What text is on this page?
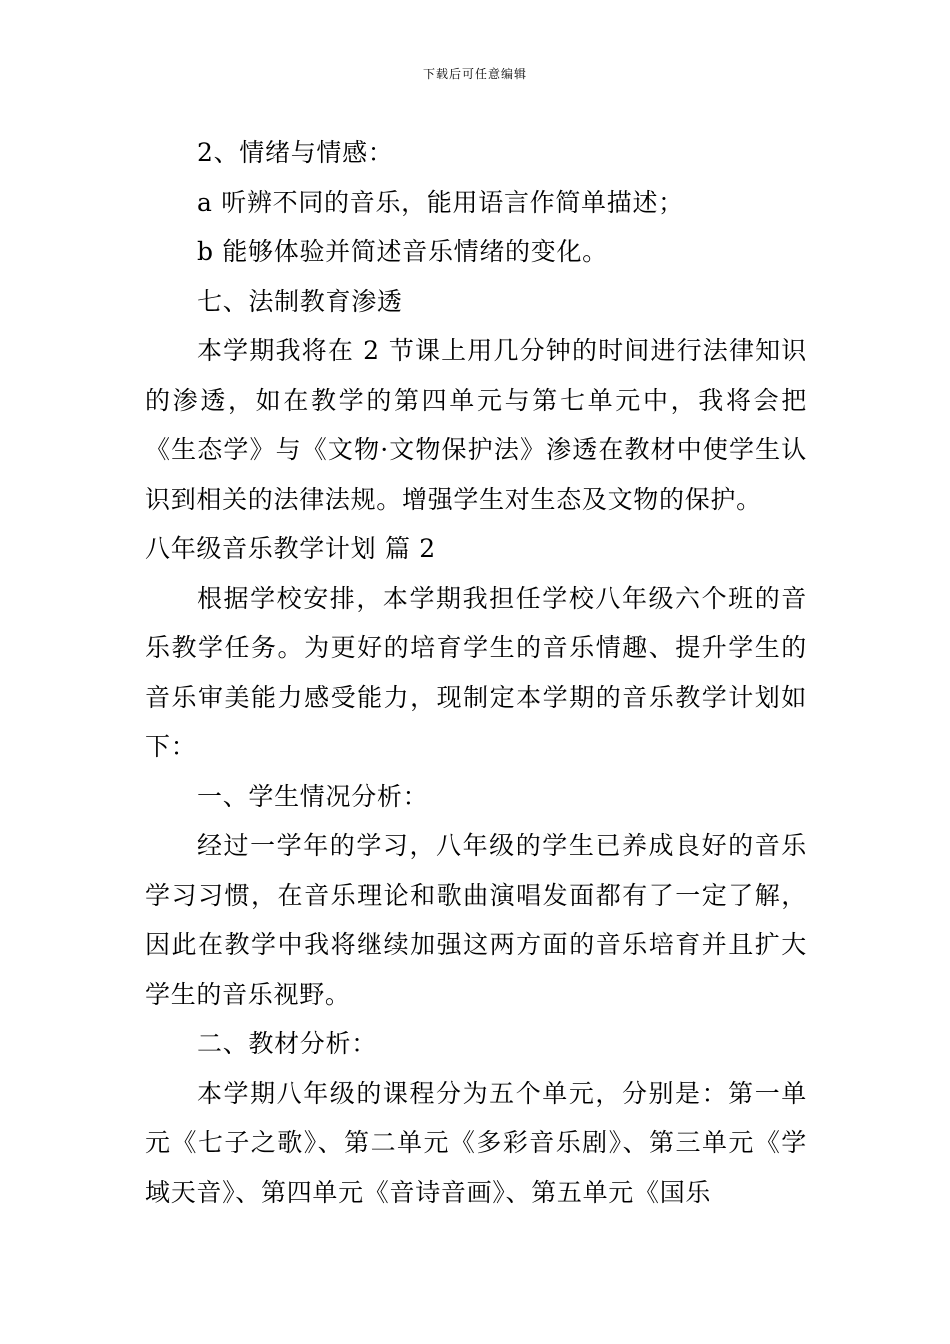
下载后可任意编辑

2、情绪与情感：

a 听辨不同的音乐，能用语言作简单描述；

b 能够体验并简述音乐情绪的变化。

七、法制教育渗透

本学期我将在 2 节课上用几分钟的时间进行法律知识的渗透，如在教学的第四单元与第七单元中，我将会把《生态学》与《文物·文物保护法》渗透在教材中使学生认识到相关的法律法规。增强学生对生态及文物的保护。

八年级音乐教学计划 篇 2

根据学校安排，本学期我担任学校八年级六个班的音乐教学任务。为更好的培育学生的音乐情趣、提升学生的音乐审美能力感受能力，现制定本学期的音乐教学计划如下：

一、学生情况分析：

经过一学年的学习，八年级的学生已养成良好的音乐学习习惯，在音乐理论和歌曲演唱发面都有了一定了解，因此在教学中我将继续加强这两方面的音乐培育并且扩大学生的音乐视野。

二、教材分析：

本学期八年级的课程分为五个单元，分别是：第一单元《七子之歌》、第二单元《多彩音乐剧》、第三单元《学域天音》、第四单元《音诗音画》、第五单元《国乐
